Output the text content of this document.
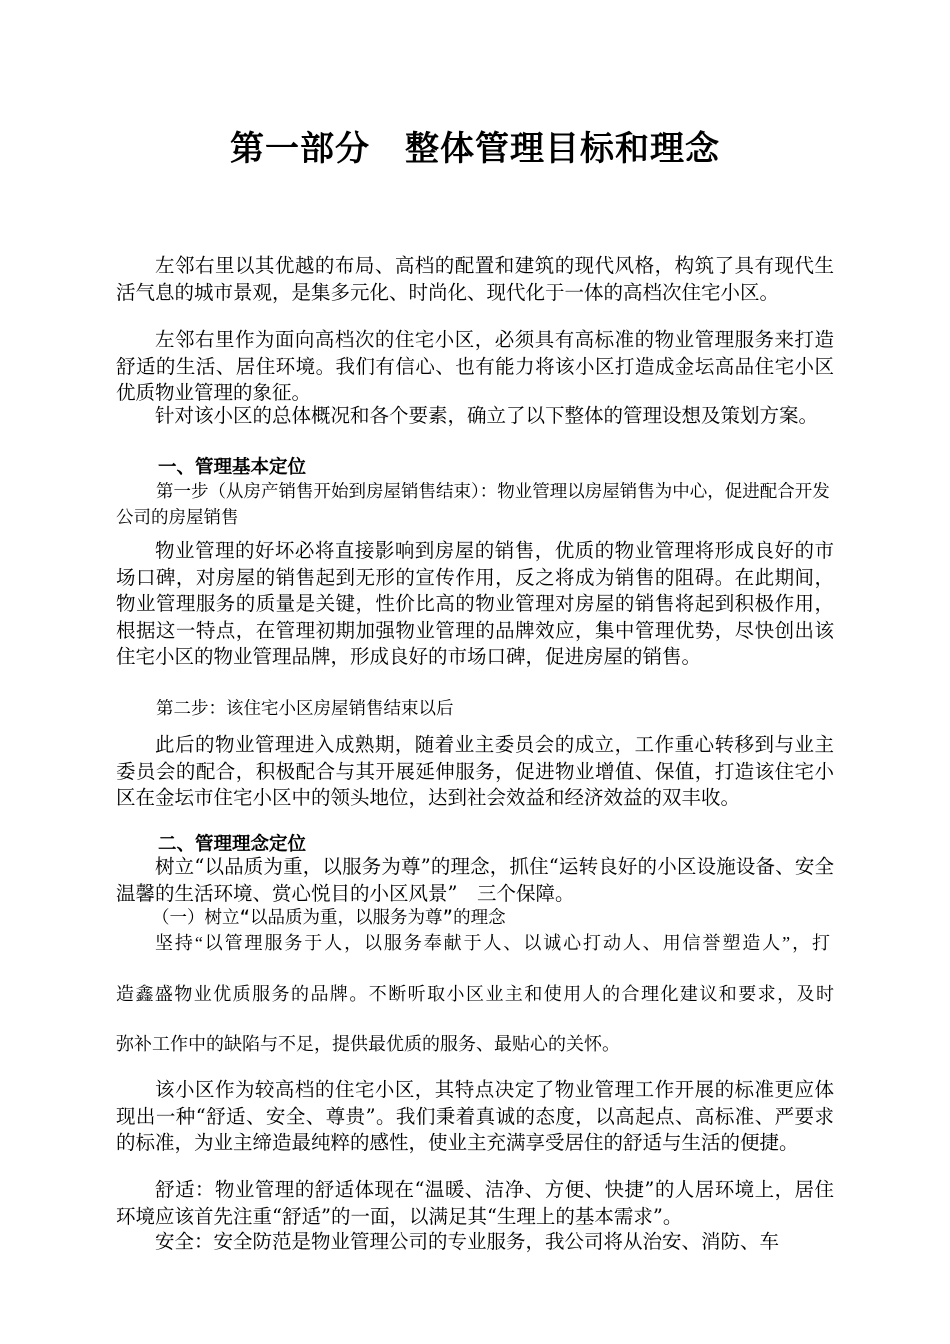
第一部分　整体管理目标和理念

左邻右里以其优越的布局、高档的配置和建筑的现代风格，构筑了具有现代生活气息的城市景观，是集多元化、时尚化、现代化于一体的高档次住宅小区。

左邻右里作为面向高档次的住宅小区，必须具有高标准的物业管理服务来打造舒适的生活、居住环境。我们有信心、也有能力将该小区打造成金坛高品住宅小区优质物业管理的象征。

针对该小区的总体概况和各个要素，确立了以下整体的管理设想及策划方案。

一、管理基本定位

第一步（从房产销售开始到房屋销售结束）：物业管理以房屋销售为中心，促进配合开发公司的房屋销售

物业管理的好坏必将直接影响到房屋的销售，优质的物业管理将形成良好的市场口碑，对房屋的销售起到无形的宣传作用，反之将成为销售的阻碍。在此期间，物业管理服务的质量是关键，性价比高的物业管理对房屋的销售将起到积极作用，根据这一特点，在管理初期加强物业管理的品牌效应，集中管理优势，尽快创出该住宅小区的物业管理品牌，形成良好的市场口碑，促进房屋的销售。

第二步：该住宅小区房屋销售结束以后

此后的物业管理进入成熟期，随着业主委员会的成立，工作重心转移到与业主委员会的配合，积极配合与其开展延伸服务，促进物业增值、保值，打造该住宅小区在金坛市住宅小区中的领头地位，达到社会效益和经济效益的双丰收。

二、管理理念定位

树立“以品质为重，以服务为尊”的理念，抓住“运转良好的小区设施设备、安全温馨的生活环境、赏心悦目的小区风景”　三个保障。

（一）树立“以品质为重，以服务为尊”的理念

坚持“以管理服务于人，以服务奉献于人、以诚心打动人、用信誉塑造人”，打

造鑫盛物业优质服务的品牌。不断听取小区业主和使用人的合理化建议和要求，及时

弥补工作中的缺陷与不足，提供最优质的服务、最贴心的关怀。

该小区作为较高档的住宅小区，其特点决定了物业管理工作开展的标准更应体现出一种“舒适、安全、尊贵”。我们秉着真诚的态度，以高起点、高标准、严要求的标准，为业主缔造最纯粹的感性，使业主充满享受居住的舒适与生活的便捷。

舒适：物业管理的舒适体现在“温暖、洁净、方便、快捷”的人居环境上，居住环境应该首先注重“舒适”的一面，以满足其“生理上的基本需求”。

安全：安全防范是物业管理公司的专业服务，我公司将从治安、消防、车
